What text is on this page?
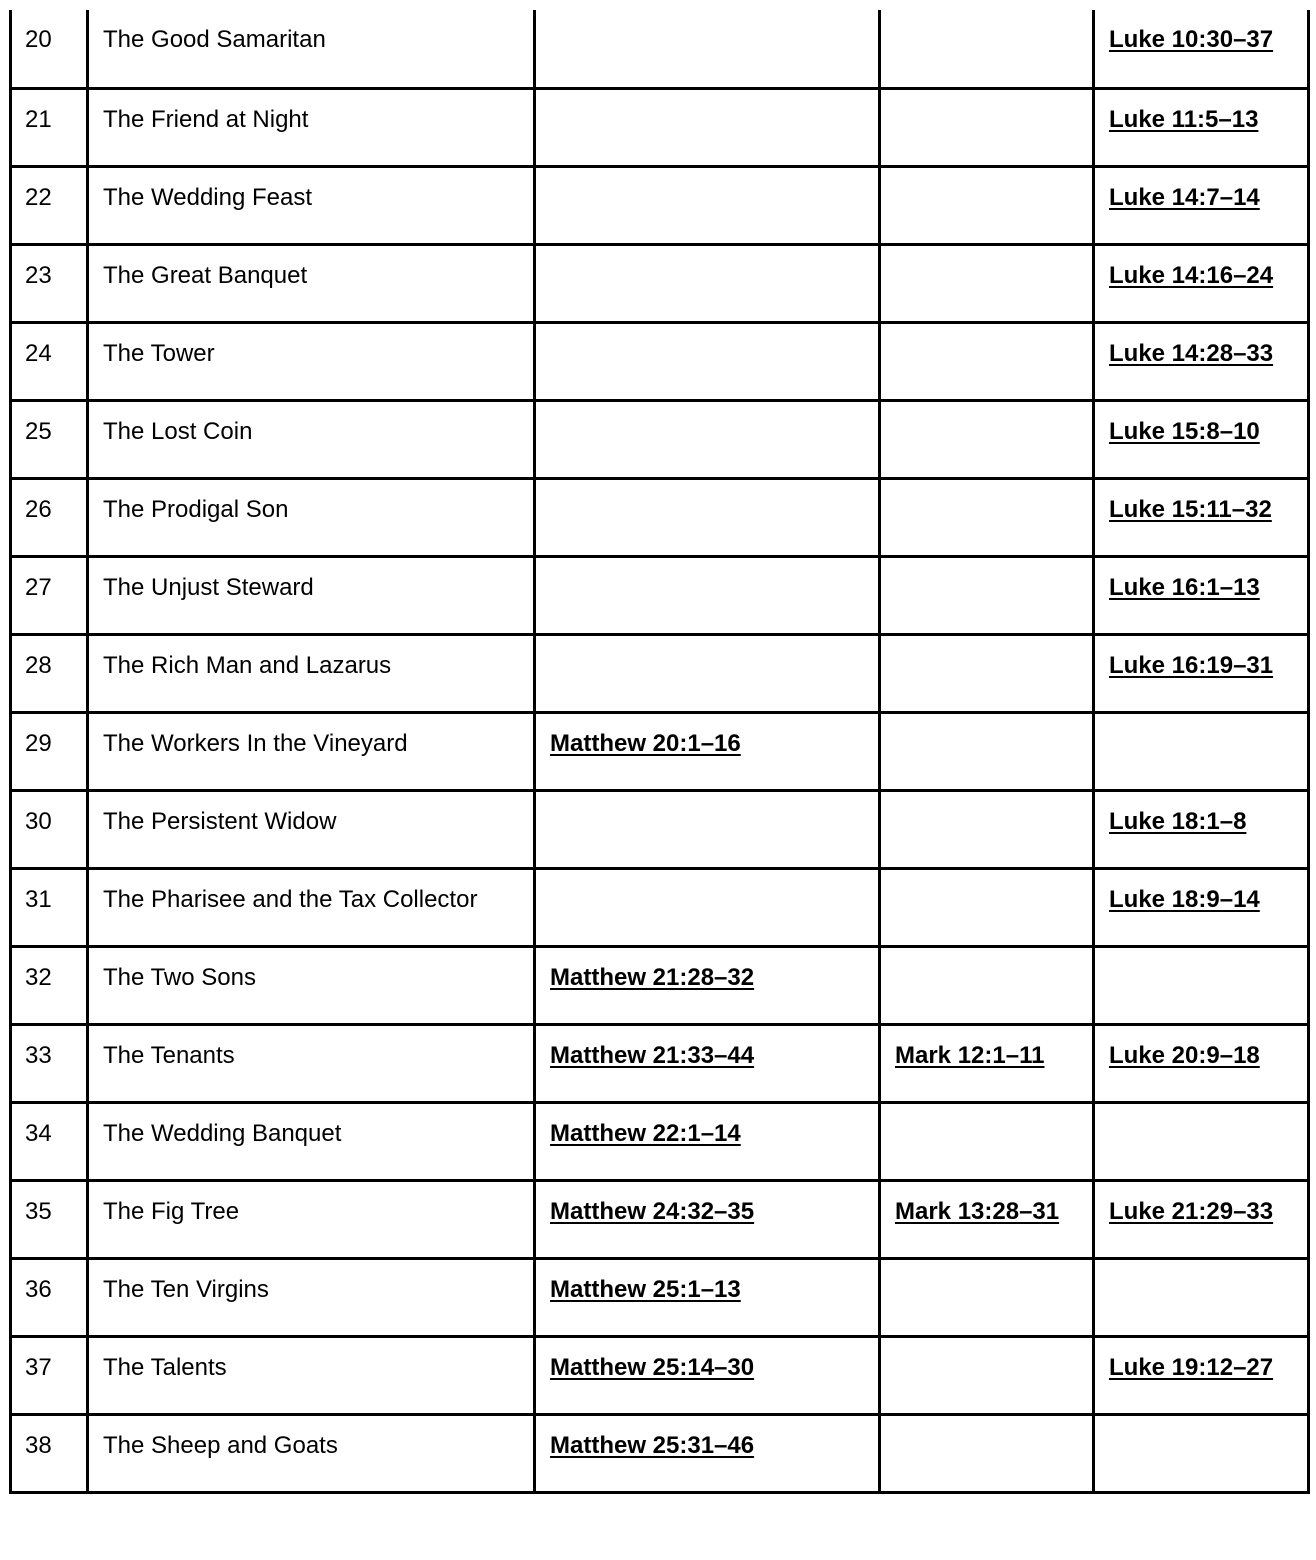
20	The Good Samaritan			Luke 10:30–37
21	The Friend at Night			Luke 11:5–13
22	The Wedding Feast			Luke 14:7–14
23	The Great Banquet			Luke 14:16–24
24	The Tower			Luke 14:28–33
25	The Lost Coin			Luke 15:8–10
26	The Prodigal Son			Luke 15:11–32
27	The Unjust Steward			Luke 16:1–13
28	The Rich Man and Lazarus			Luke 16:19–31
29	The Workers In the Vineyard	Matthew 20:1–16		
30	The Persistent Widow			Luke 18:1–8
31	The Pharisee and the Tax Collector			Luke 18:9–14
32	The Two Sons	Matthew 21:28–32		
33	The Tenants	Matthew 21:33–44	Mark 12:1–11	Luke 20:9–18
34	The Wedding Banquet	Matthew 22:1–14		
35	The Fig Tree	Matthew 24:32–35	Mark 13:28–31	Luke 21:29–33
36	The Ten Virgins	Matthew 25:1–13		
37	The Talents	Matthew 25:14–30		Luke 19:12–27
38	The Sheep and Goats	Matthew 25:31–46		
